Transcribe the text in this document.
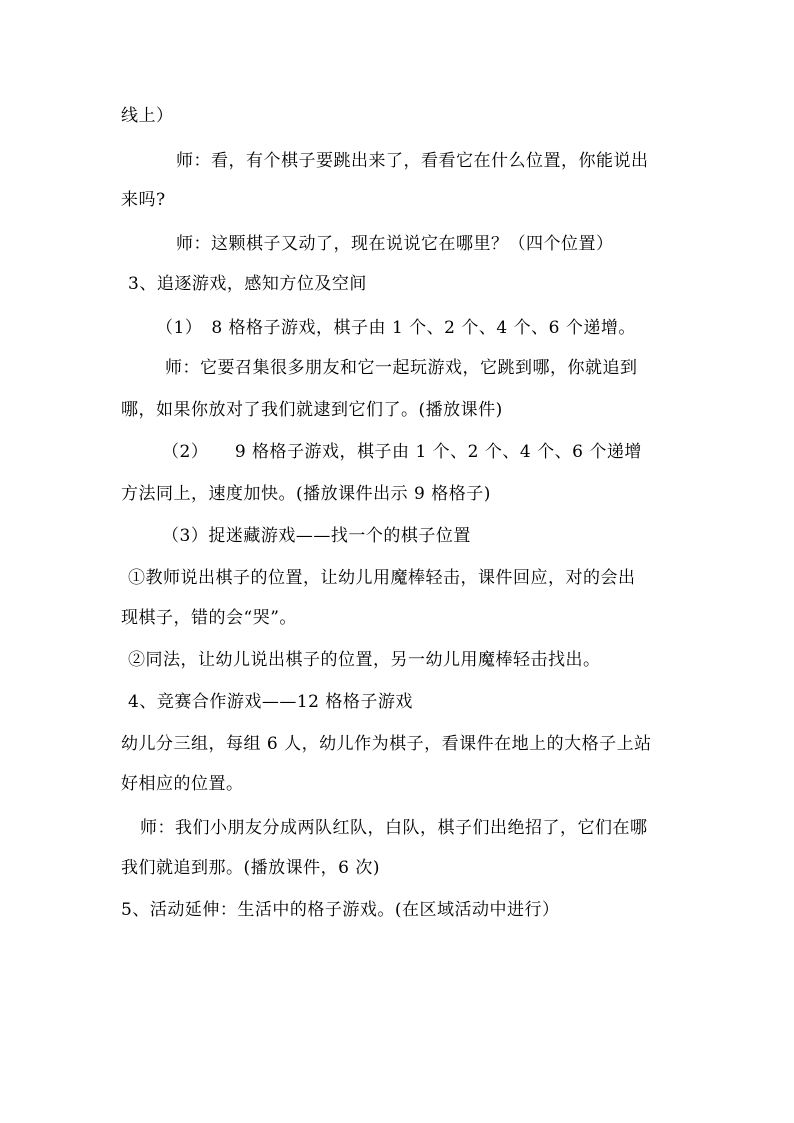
线上）
师：看，有个棋子要跳出来了，看看它在什么位置，你能说出
来吗?
师：这颗棋子又动了，现在说说它在哪里？（四个位置）
3、追逐游戏，感知方位及空间
（1）　8 格格子游戏，棋子由 1 个、2 个、4 个、6 个递增。
师：它要召集很多朋友和它一起玩游戏，它跳到哪，你就追到
哪，如果你放对了我们就逮到它们了。(播放课件)
（2）　　9 格格子游戏，棋子由 1 个、2 个、4 个、6 个递增
方法同上，速度加快。(播放课件出示 9 格格子)
（3）捉迷藏游戏——找一个的棋子位置
①教师说出棋子的位置，让幼儿用魔棒轻击，课件回应，对的会出
现棋子，错的会“哭”。
②同法，让幼儿说出棋子的位置，另一幼儿用魔棒轻击找出。
4、竞赛合作游戏——12 格格子游戏
幼儿分三组，每组 6 人，幼儿作为棋子，看课件在地上的大格子上站
好相应的位置。
师：我们小朋友分成两队红队，白队，棋子们出绝招了，它们在哪
我们就追到那。(播放课件，6 次)
5、活动延伸：生活中的格子游戏。(在区域活动中进行）
